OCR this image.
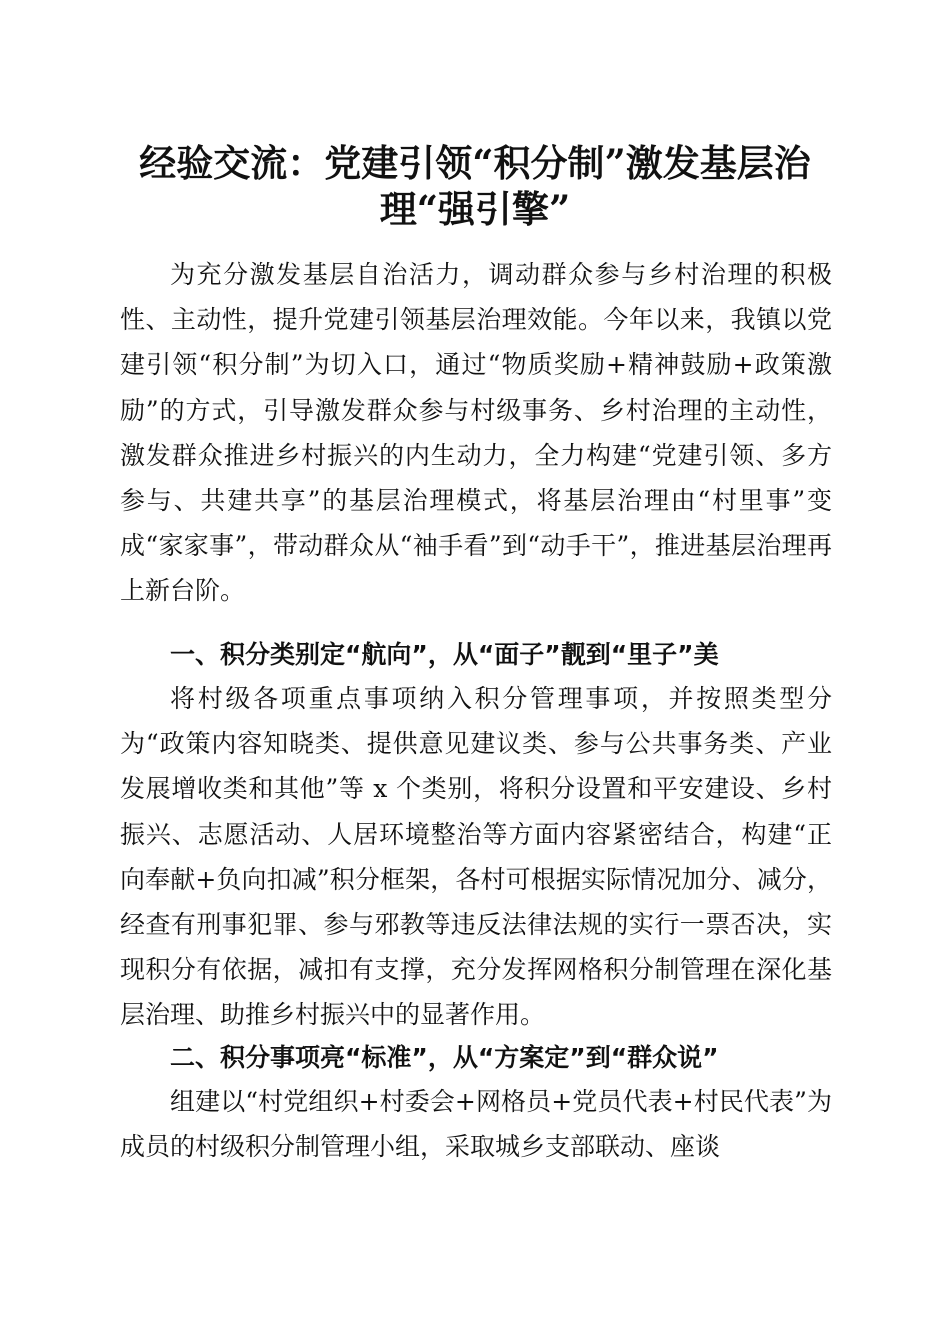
经验交流：党建引领“积分制”激发基层治
理“强引擎”

为充分激发基层自治活力，调动群众参与乡村治理的积极性、主动性，提升党建引领基层治理效能。今年以来，我镇以党建引领“积分制”为切入口，通过“物质奖励+精神鼓励+政策激励”的方式，引导激发群众参与村级事务、乡村治理的主动性，激发群众推进乡村振兴的内生动力，全力构建“党建引领、多方参与、共建共享”的基层治理模式，将基层治理由“村里事”变成“家家事”，带动群众从“袖手看”到“动手干”，推进基层治理再上新台阶。

一、积分类别定“航向”，从“面子”靓到“里子”美

将村级各项重点事项纳入积分管理事项，并按照类型分为“政策内容知晓类、提供意见建议类、参与公共事务类、产业发展增收类和其他”等 x 个类别，将积分设置和平安建设、乡村振兴、志愿活动、人居环境整治等方面内容紧密结合，构建“正向奉献+负向扣减”积分框架，各村可根据实际情况加分、减分，经查有刑事犯罪、参与邪教等违反法律法规的实行一票否决，实现积分有依据，减扣有支撑，充分发挥网格积分制管理在深化基层治理、助推乡村振兴中的显著作用。

二、积分事项亮“标准”，从“方案定”到“群众说”

组建以“村党组织+村委会+网格员+党员代表+村民代表”为成员的村级积分制管理小组，采取城乡支部联动、座谈
